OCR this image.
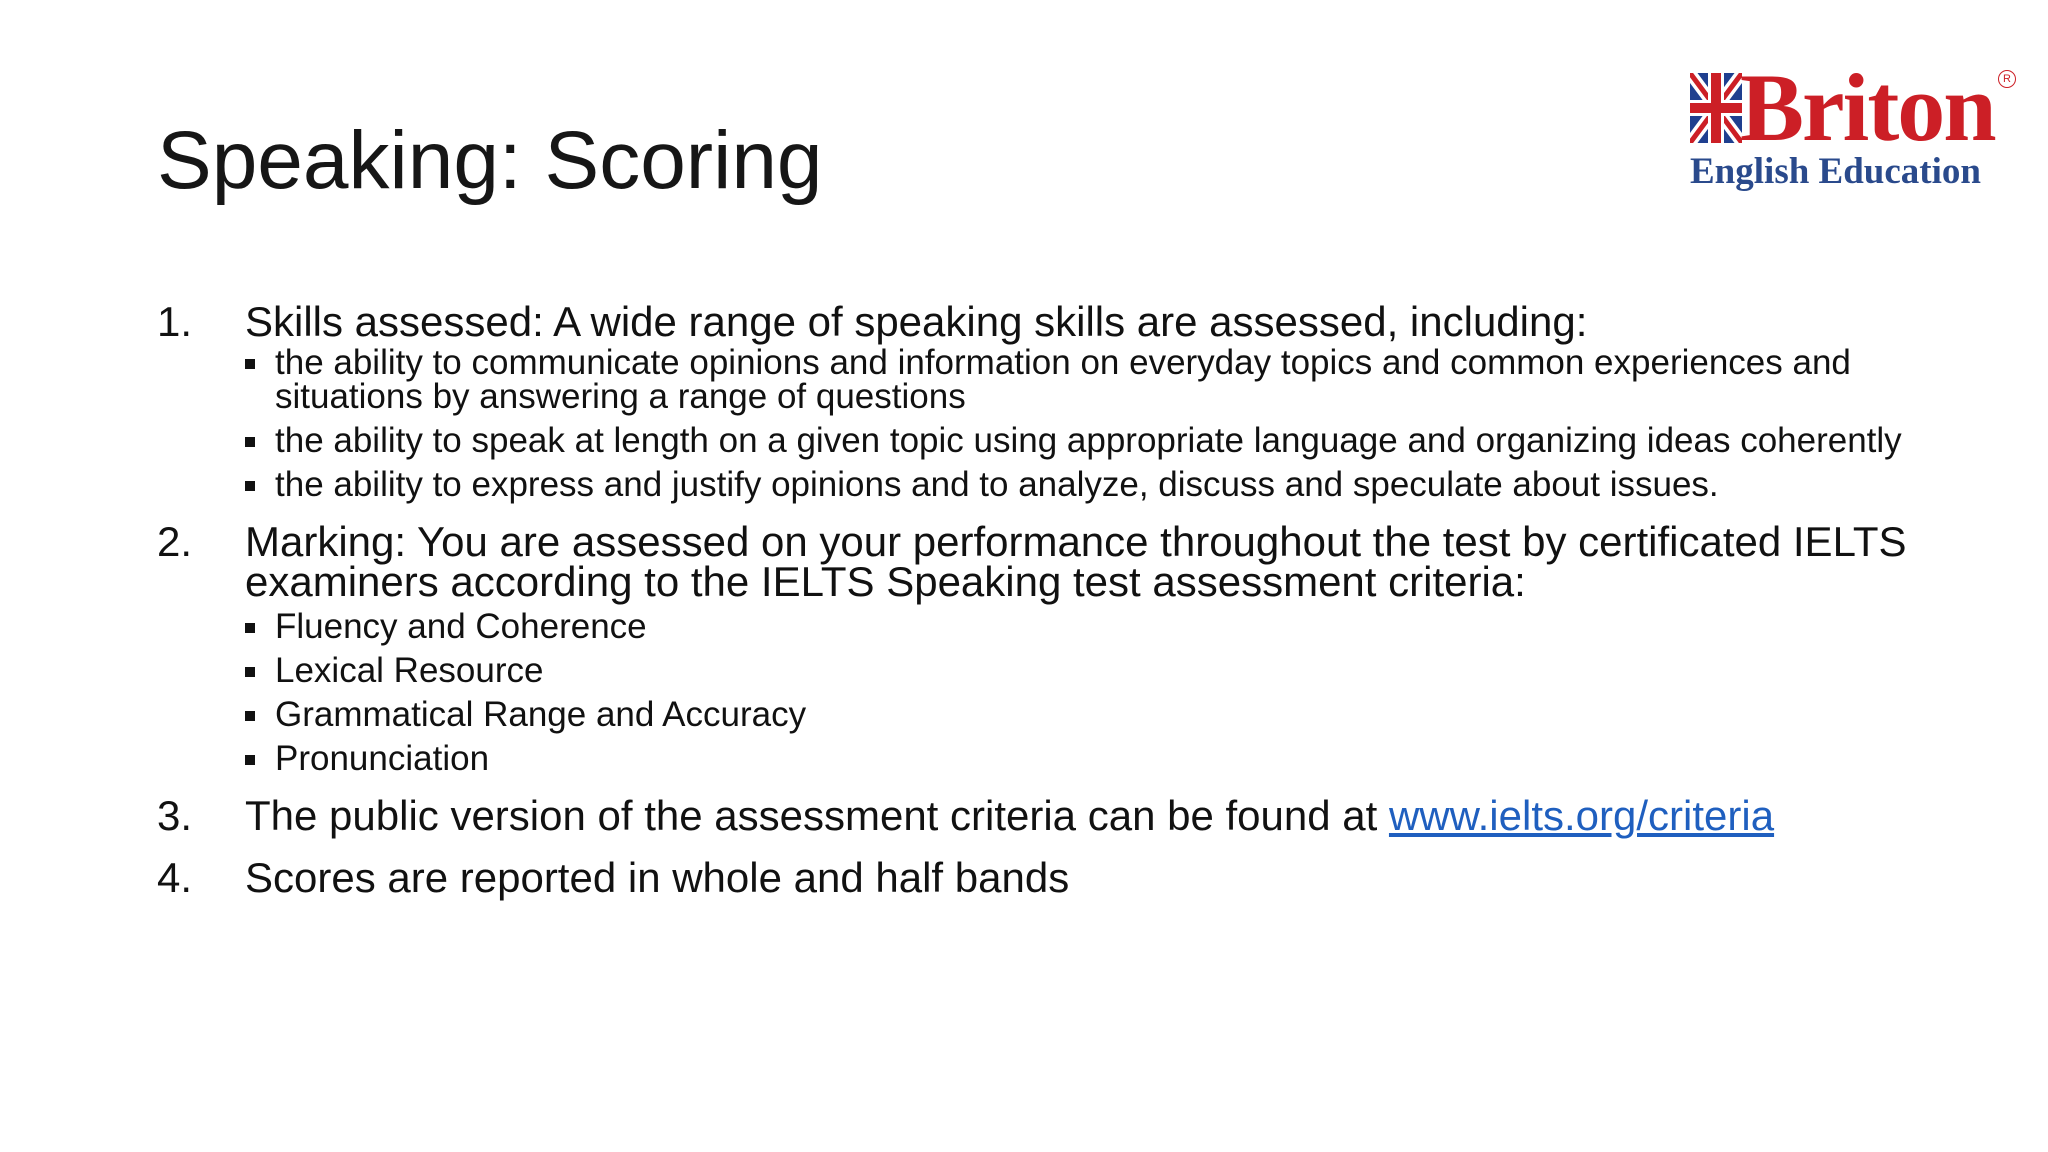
Speaking: Scoring	Briton R
English Education
1. Skills assessed: A wide range of speaking skills are assessed, including:
the ability to communicate opinions and information on everyday topics and common experiences and situations by answering a range of questions
the ability to speak at length on a given topic using appropriate language and organizing ideas coherently
the ability to express and justify opinions and to analyze, discuss and speculate about issues.
2. Marking: You are assessed on your performance throughout the test by certificated IELTS examiners according to the IELTS Speaking test assessment criteria:
Fluency and Coherence
Lexical Resource
Grammatical Range and Accuracy
Pronunciation
3. The public version of the assessment criteria can be found at www.ielts.org/criteria
4. Scores are reported in whole and half bands
